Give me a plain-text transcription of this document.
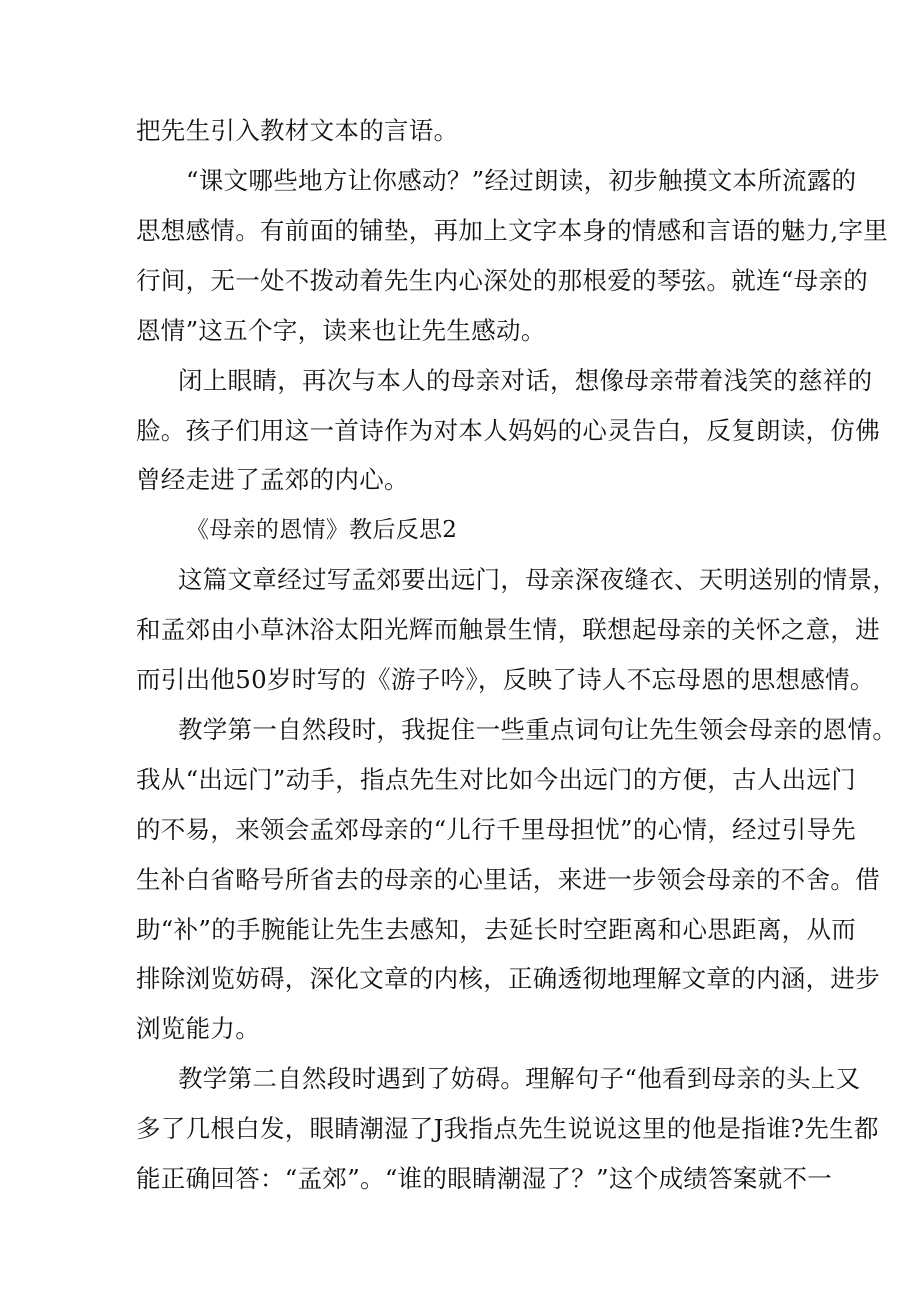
把先生引入教材文本的言语。
“课文哪些地方让你感动？”经过朗读，初步触摸文本所流露的
思想感情。有前面的铺垫，再加上文字本身的情感和言语的魅力,字里
行间，无一处不拨动着先生内心深处的那根爱的琴弦。就连“母亲的
恩情”这五个字，读来也让先生感动。
闭上眼睛，再次与本人的母亲对话，想像母亲带着浅笑的慈祥的
脸。孩子们用这一首诗作为对本人妈妈的心灵告白，反复朗读，仿佛
曾经走进了孟郊的内心。
《母亲的恩情》教后反思2
这篇文章经过写孟郊要出远门，母亲深夜缝衣、天明送别的情景，
和孟郊由小草沐浴太阳光辉而触景生情，联想起母亲的关怀之意，进
而引出他50岁时写的《游子吟》，反映了诗人不忘母恩的思想感情。
教学第一自然段时，我捉住一些重点词句让先生领会母亲的恩情。
我从“出远门”动手，指点先生对比如今出远门的方便，古人出远门
的不易，来领会孟郊母亲的“儿行千里母担忧”的心情，经过引导先
生补白省略号所省去的母亲的心里话，来进一步领会母亲的不舍。借
助“补”的手腕能让先生去感知，去延长时空距离和心思距离，从而
排除浏览妨碍，深化文章的内核，正确透彻地理解文章的内涵，进步
浏览能力。
教学第二自然段时遇到了妨碍。理解句子“他看到母亲的头上又
多了几根白发，眼睛潮湿了J我指点先生说说这里的他是指谁?先生都
能正确回答：“孟郊”。“谁的眼睛潮湿了？”这个成绩答案就不一
